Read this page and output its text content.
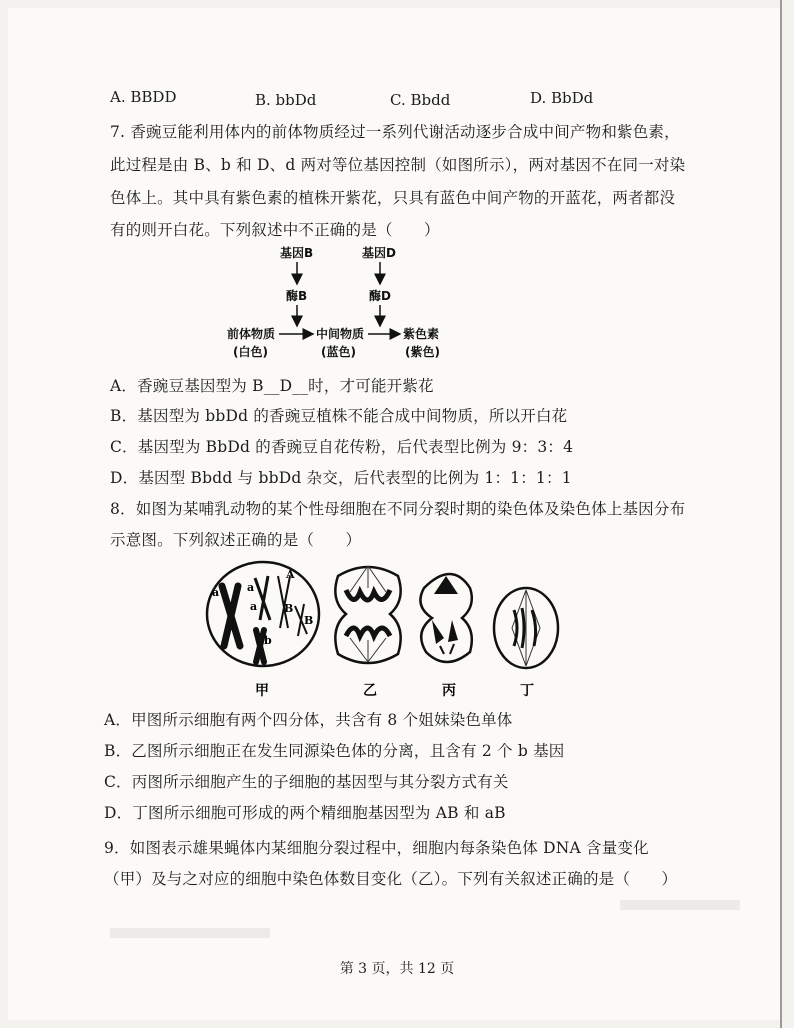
A. BBDD	B. bbDd	C. Bbdd	D. BbDd
7. 香豌豆能利用体内的前体物质经过一系列代谢活动逐步合成中间产物和紫色素，
此过程是由 B、b 和 D、d 两对等位基因控制（如图所示），两对基因不在同一对染
色体上。其中具有紫色素的植株开紫花，只具有蓝色中间产物的开蓝花，两者都没
有的则开白花。下列叙述中不正确的是（　　）
基因B	基因D
酶B	酶D
前体物质	中间物质	紫色素
(白色)	(蓝色)	(紫色)
A．香豌豆基因型为 B__D__时，才可能开紫花
B．基因型为 bbDd 的香豌豆植株不能合成中间物质，所以开白花
C．基因型为 BbDd 的香豌豆自花传粉，后代表型比例为 9：3：4
D．基因型 Bbdd 与 bbDd 杂交，后代表型的比例为 1：1：1：1
8．如图为某哺乳动物的某个性母细胞在不同分裂时期的染色体及染色体上基因分布
示意图。下列叙述正确的是（　　）
a	a
A
a B
B
b
甲	乙	丙	丁
A．甲图所示细胞有两个四分体，共含有 8 个姐妹染色单体
B．乙图所示细胞正在发生同源染色体的分离，且含有 2 个 b 基因
C．丙图所示细胞产生的子细胞的基因型与其分裂方式有关
D．丁图所示细胞可形成的两个精细胞基因型为 AB 和 aB
9．如图表示雄果蝇体内某细胞分裂过程中，细胞内每条染色体 DNA 含量变化
（甲）及与之对应的细胞中染色体数目变化（乙）。下列有关叙述正确的是（　　）
第 3 页，共 12 页
